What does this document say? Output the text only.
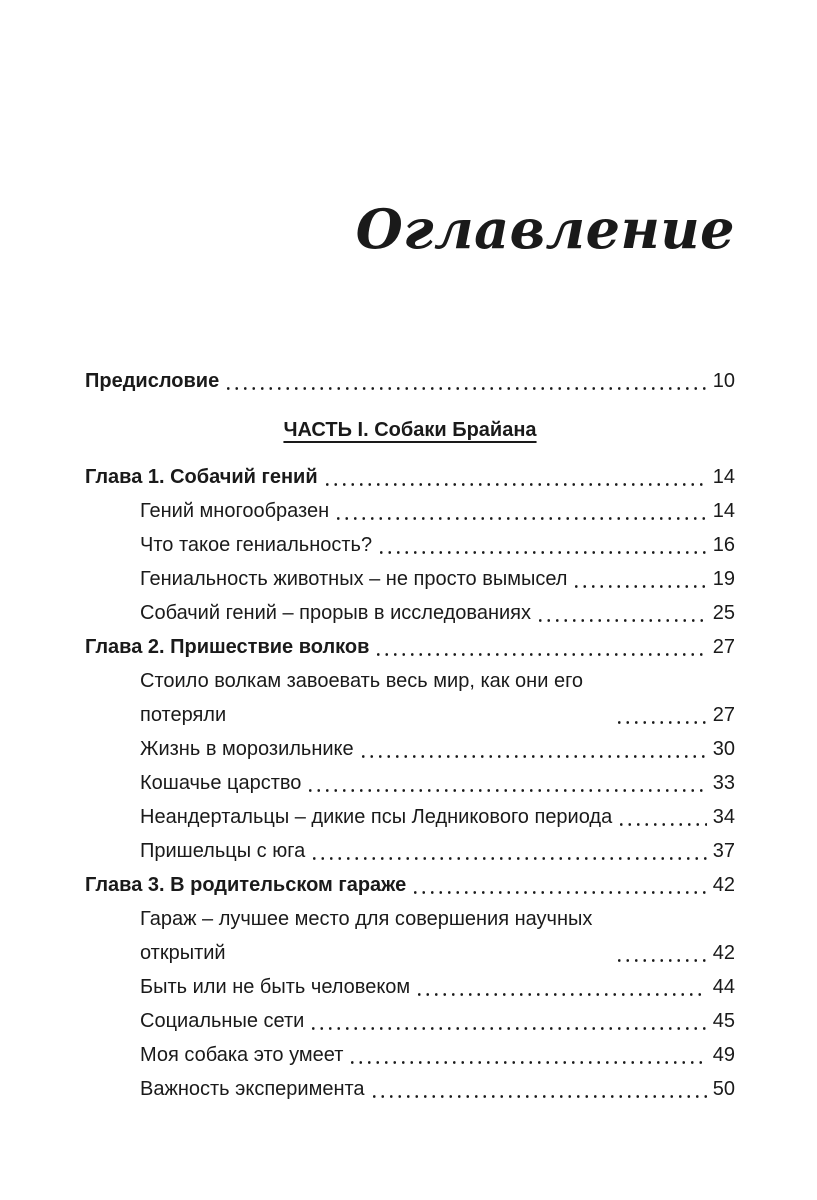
Оглавление
Предисловие	10
ЧАСТЬ I. Собаки Брайана
Глава 1. Собачий гений	14
Гений многообразен	14
Что такое гениальность?	16
Гениальность животных – не просто вымысел	19
Собачий гений – прорыв в исследованиях	25
Глава 2. Пришествие волков	27
Стоило волкам завоевать весь мир, как они его потеряли	27
Жизнь в морозильнике	30
Кошачье царство	33
Неандертальцы – дикие псы Ледникового периода	34
Пришельцы с юга	37
Глава 3. В родительском гараже	42
Гараж – лучшее место для совершения научных открытий	42
Быть или не быть человеком	44
Социальные сети	45
Моя собака это умеет	49
Важность эксперимента	50
